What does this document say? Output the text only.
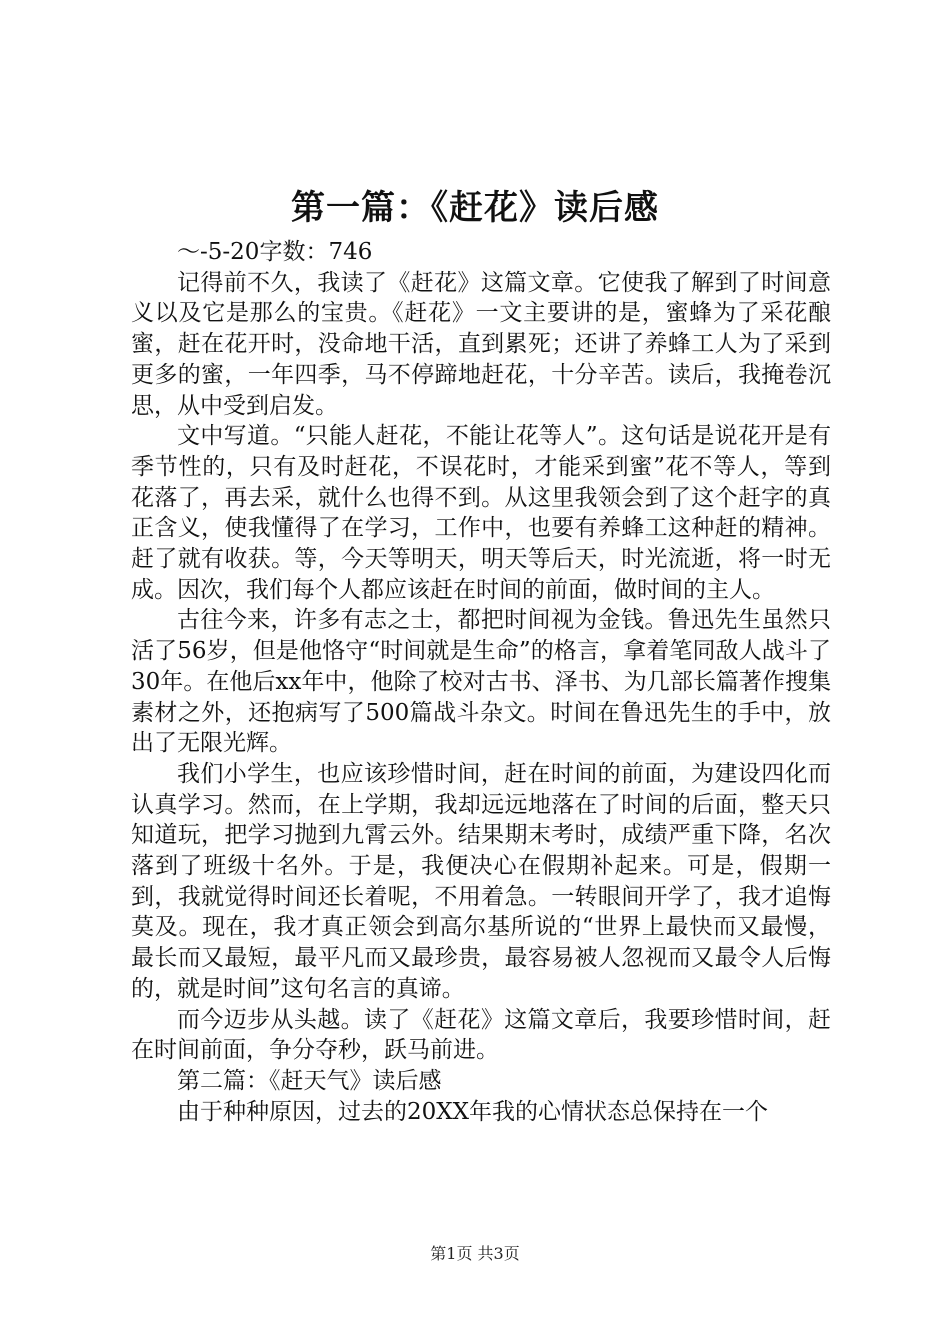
第一篇：《赶花》读后感

～-5-20字数：746

记得前不久，我读了《赶花》这篇文章。它使我了解到了时间意义以及它是那么的宝贵。《赶花》一文主要讲的是，蜜蜂为了采花酿蜜，赶在花开时，没命地干活，直到累死；还讲了养蜂工人为了采到更多的蜜，一年四季，马不停蹄地赶花，十分辛苦。读后，我掩卷沉思，从中受到启发。

文中写道。“只能人赶花，不能让花等人”。这句话是说花开是有季节性的，只有及时赶花，不误花时，才能采到蜜”花不等人，等到花落了，再去采，就什么也得不到。从这里我领会到了这个赶字的真正含义，使我懂得了在学习，工作中，也要有养蜂工这种赶的精神。赶了就有收获。等，今天等明天，明天等后天，时光流逝，将一时无成。因次，我们每个人都应该赶在时间的前面，做时间的主人。

古往今来，许多有志之士，都把时间视为金钱。鲁迅先生虽然只活了56岁，但是他恪守“时间就是生命”的格言，拿着笔同敌人战斗了30年。在他后xx年中，他除了校对古书、泽书、为几部长篇著作搜集素材之外，还抱病写了500篇战斗杂文。时间在鲁迅先生的手中，放出了无限光辉。

我们小学生，也应该珍惜时间，赶在时间的前面，为建设四化而认真学习。然而，在上学期，我却远远地落在了时间的后面，整天只知道玩，把学习抛到九霄云外。结果期末考时，成绩严重下降，名次落到了班级十名外。于是，我便决心在假期补起来。可是，假期一到，我就觉得时间还长着呢，不用着急。一转眼间开学了，我才追悔莫及。现在，我才真正领会到高尔基所说的“世界上最快而又最慢，最长而又最短，最平凡而又最珍贵，最容易被人忽视而又最令人后悔的，就是时间”这句名言的真谛。

而今迈步从头越。读了《赶花》这篇文章后，我要珍惜时间，赶在时间前面，争分夺秒，跃马前进。

第二篇：《赶天气》读后感

由于种种原因，过去的20XX年我的心情状态总保持在一个

第1页 共3页
